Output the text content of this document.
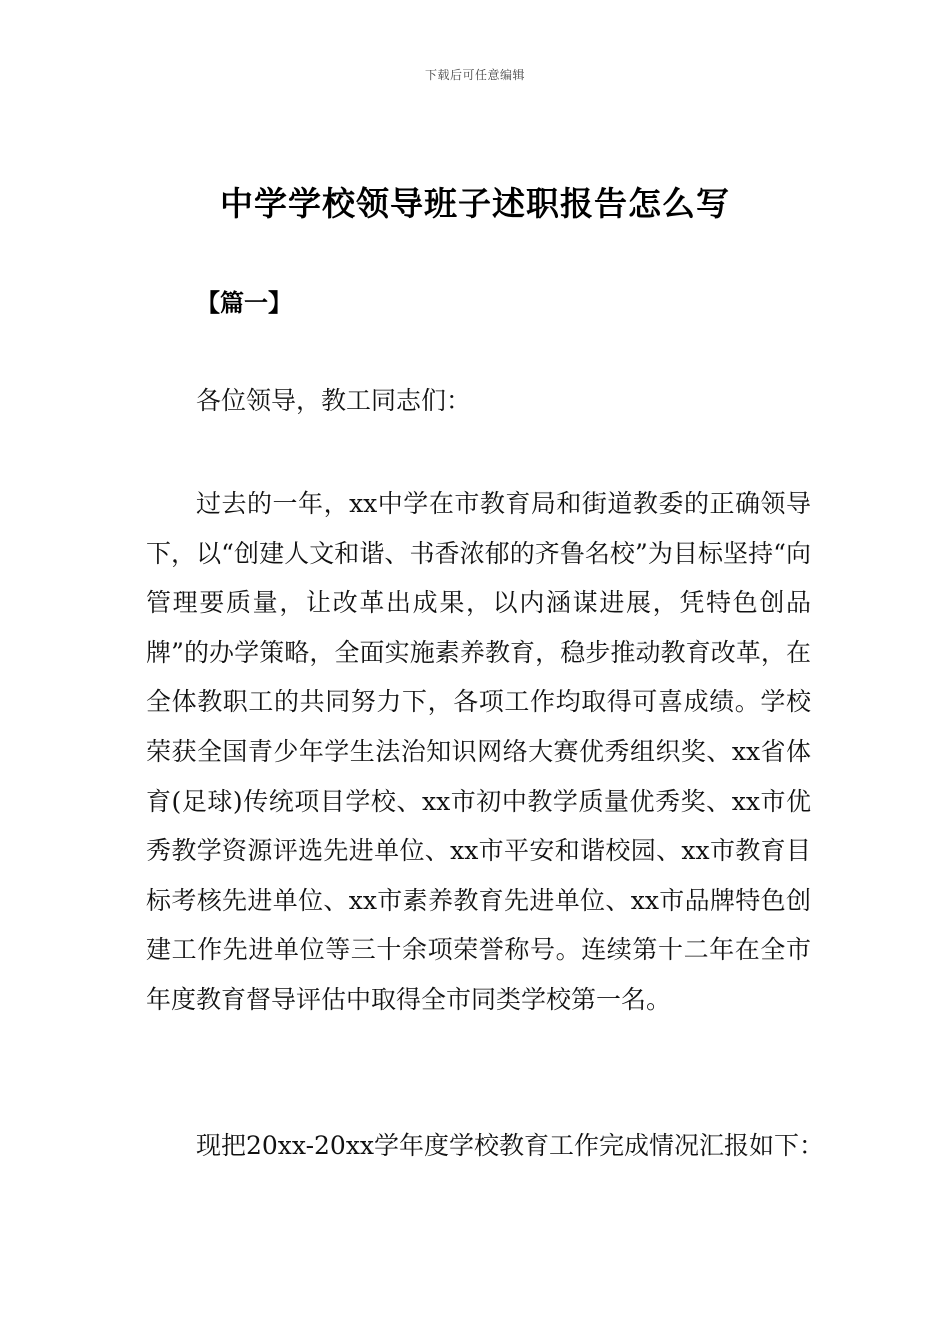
下载后可任意编辑
中学学校领导班子述职报告怎么写
【篇一】
各位领导，教工同志们：

过去的一年，xx中学在市教育局和街道教委的正确领导下，以“创建人文和谐、书香浓郁的齐鲁名校”为目标坚持“向管理要质量，让改革出成果，以内涵谋进展，凭特色创品牌”的办学策略，全面实施素养教育，稳步推动教育改革，在全体教职工的共同努力下，各项工作均取得可喜成绩。学校荣获全国青少年学生法治知识网络大赛优秀组织奖、xx省体育(足球)传统项目学校、xx市初中教学质量优秀奖、xx市优秀教学资源评选先进单位、xx市平安和谐校园、xx市教育目标考核先进单位、xx市素养教育先进单位、xx市品牌特色创建工作先进单位等三十余项荣誉称号。连续第十二年在全市年度教育督导评估中取得全市同类学校第一名。

现把20xx-20xx学年度学校教育工作完成情况汇报如下：
